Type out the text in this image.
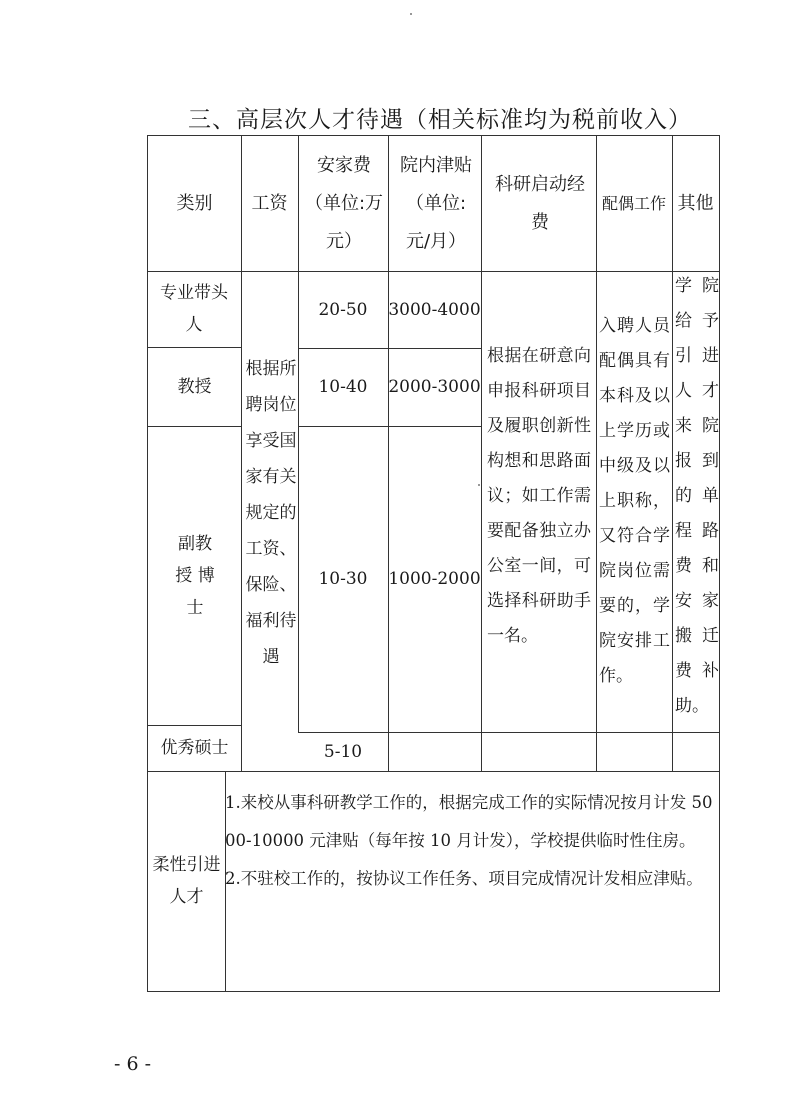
三、高层次人才待遇（相关标准均为税前收入）
类别	工资
安家费（单位:万元）
院内津贴（单位:元/月）
科研启动经费
配偶工作 其他
专业带头人
教授
副教授 博士
优秀硕士
根据所聘岗位享受国家有关规定的工资、保险、福利待遇
20-50
10-40
10-30
5-10
3000-4000
2000-3000
1000-2000
根据在研意向申报科研项目及履职创新性构想和思路面议；如工作需要配备独立办公室一间，可选择科研助手一名。
入聘人员配偶具有本科及以上学历或中级及以上职称，又符合学院岗位需要的，学院安排工作。
学院给予引进人才来院报到的单程路费和安家搬迁费补助。
柔性引进人才

1.来校从事科研教学工作的，根据完成工作的实际情况按月计发 5000-10000 元津贴（每年按 10 月计发），学校提供临时性住房。

2.不驻校工作的，按协议工作任务、项目完成情况计发相应津贴。

- 6 -
